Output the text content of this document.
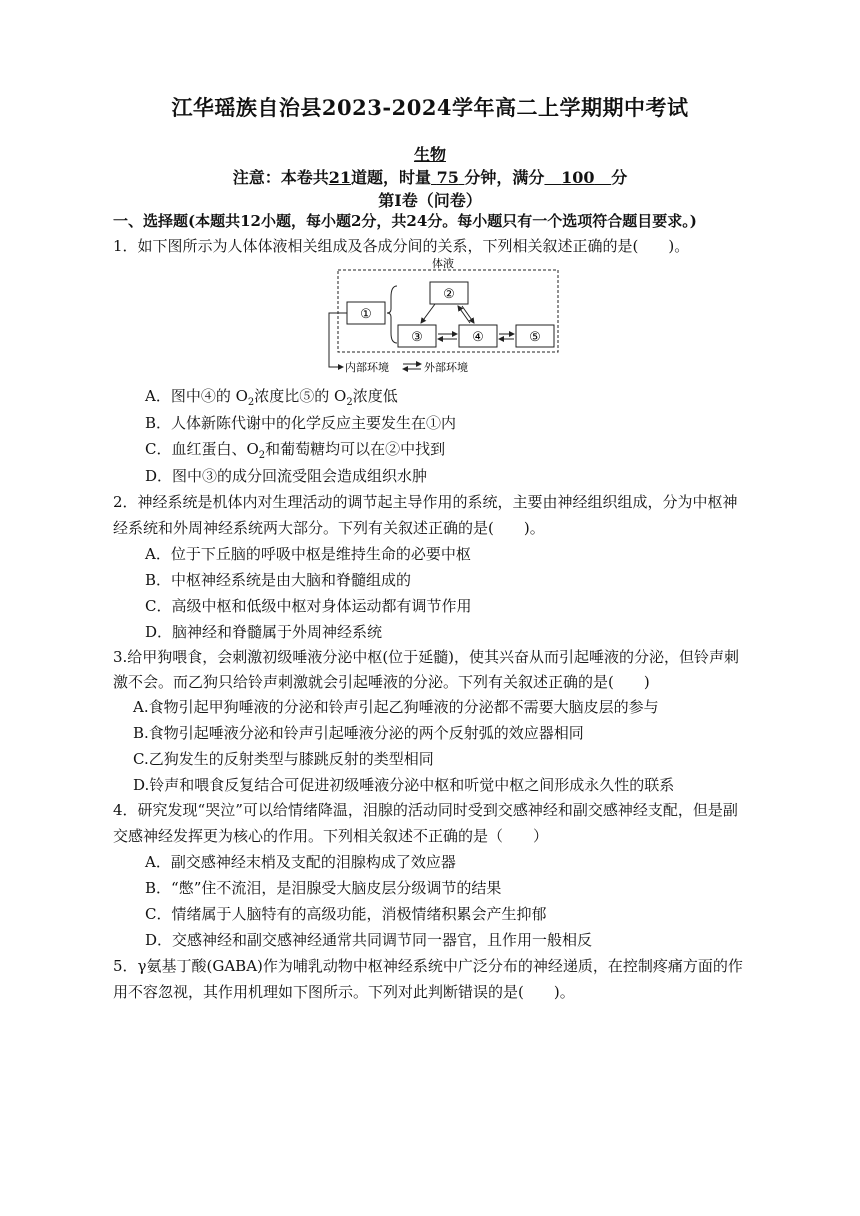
江华瑶族自治县2023-2024学年高二上学期期中考试
生物
注意：本卷共21道题，时量 75 分钟，满分 100 分
第Ⅰ卷（问卷）
一、选择题(本题共12小题，每小题2分，共24分。每小题只有一个选项符合题目要求。)
1．如下图所示为人体体液相关组成及各成分间的关系，下列相关叙述正确的是(　　)。
体液
①
②
③	④	⑤
内部环境	外部环境
A．图中④的 $O_2$浓度比⑤的 $O_2$浓度低
B．人体新陈代谢中的化学反应主要发生在①内
C．血红蛋白、$O_2$和葡萄糖均可以在②中找到
D．图中③的成分回流受阻会造成组织水肿
2．神经系统是机体内对生理活动的调节起主导作用的系统，主要由神经组织组成，分为中枢神
经系统和外周神经系统两大部分。下列有关叙述正确的是(　　)。
A．位于下丘脑的呼吸中枢是维持生命的必要中枢
B．中枢神经系统是由大脑和脊髓组成的
C．高级中枢和低级中枢对身体运动都有调节作用
D．脑神经和脊髓属于外周神经系统
3.给甲狗喂食，会刺激初级唾液分泌中枢(位于延髓)，使其兴奋从而引起唾液的分泌，但铃声刺
激不会。而乙狗只给铃声刺激就会引起唾液的分泌。下列有关叙述正确的是(　　)
A.食物引起甲狗唾液的分泌和铃声引起乙狗唾液的分泌都不需要大脑皮层的参与
B.食物引起唾液分泌和铃声引起唾液分泌的两个反射弧的效应器相同
C.乙狗发生的反射类型与膝跳反射的类型相同
D.铃声和喂食反复结合可促进初级唾液分泌中枢和听觉中枢之间形成永久性的联系
4．研究发现“哭泣”可以给情绪降温，泪腺的活动同时受到交感神经和副交感神经支配，但是副
交感神经发挥更为核心的作用。下列相关叙述不正确的是（　　）
A．副交感神经末梢及支配的泪腺构成了效应器
B．“憋”住不流泪，是泪腺受大脑皮层分级调节的结果
C．情绪属于人脑特有的高级功能，消极情绪积累会产生抑郁
D．交感神经和副交感神经通常共同调节同一器官，且作用一般相反
5．γ氨基丁酸(GABA)作为哺乳动物中枢神经系统中广泛分布的神经递质，在控制疼痛方面的作
用不容忽视，其作用机理如下图所示。下列对此判断错误的是(　　)。
